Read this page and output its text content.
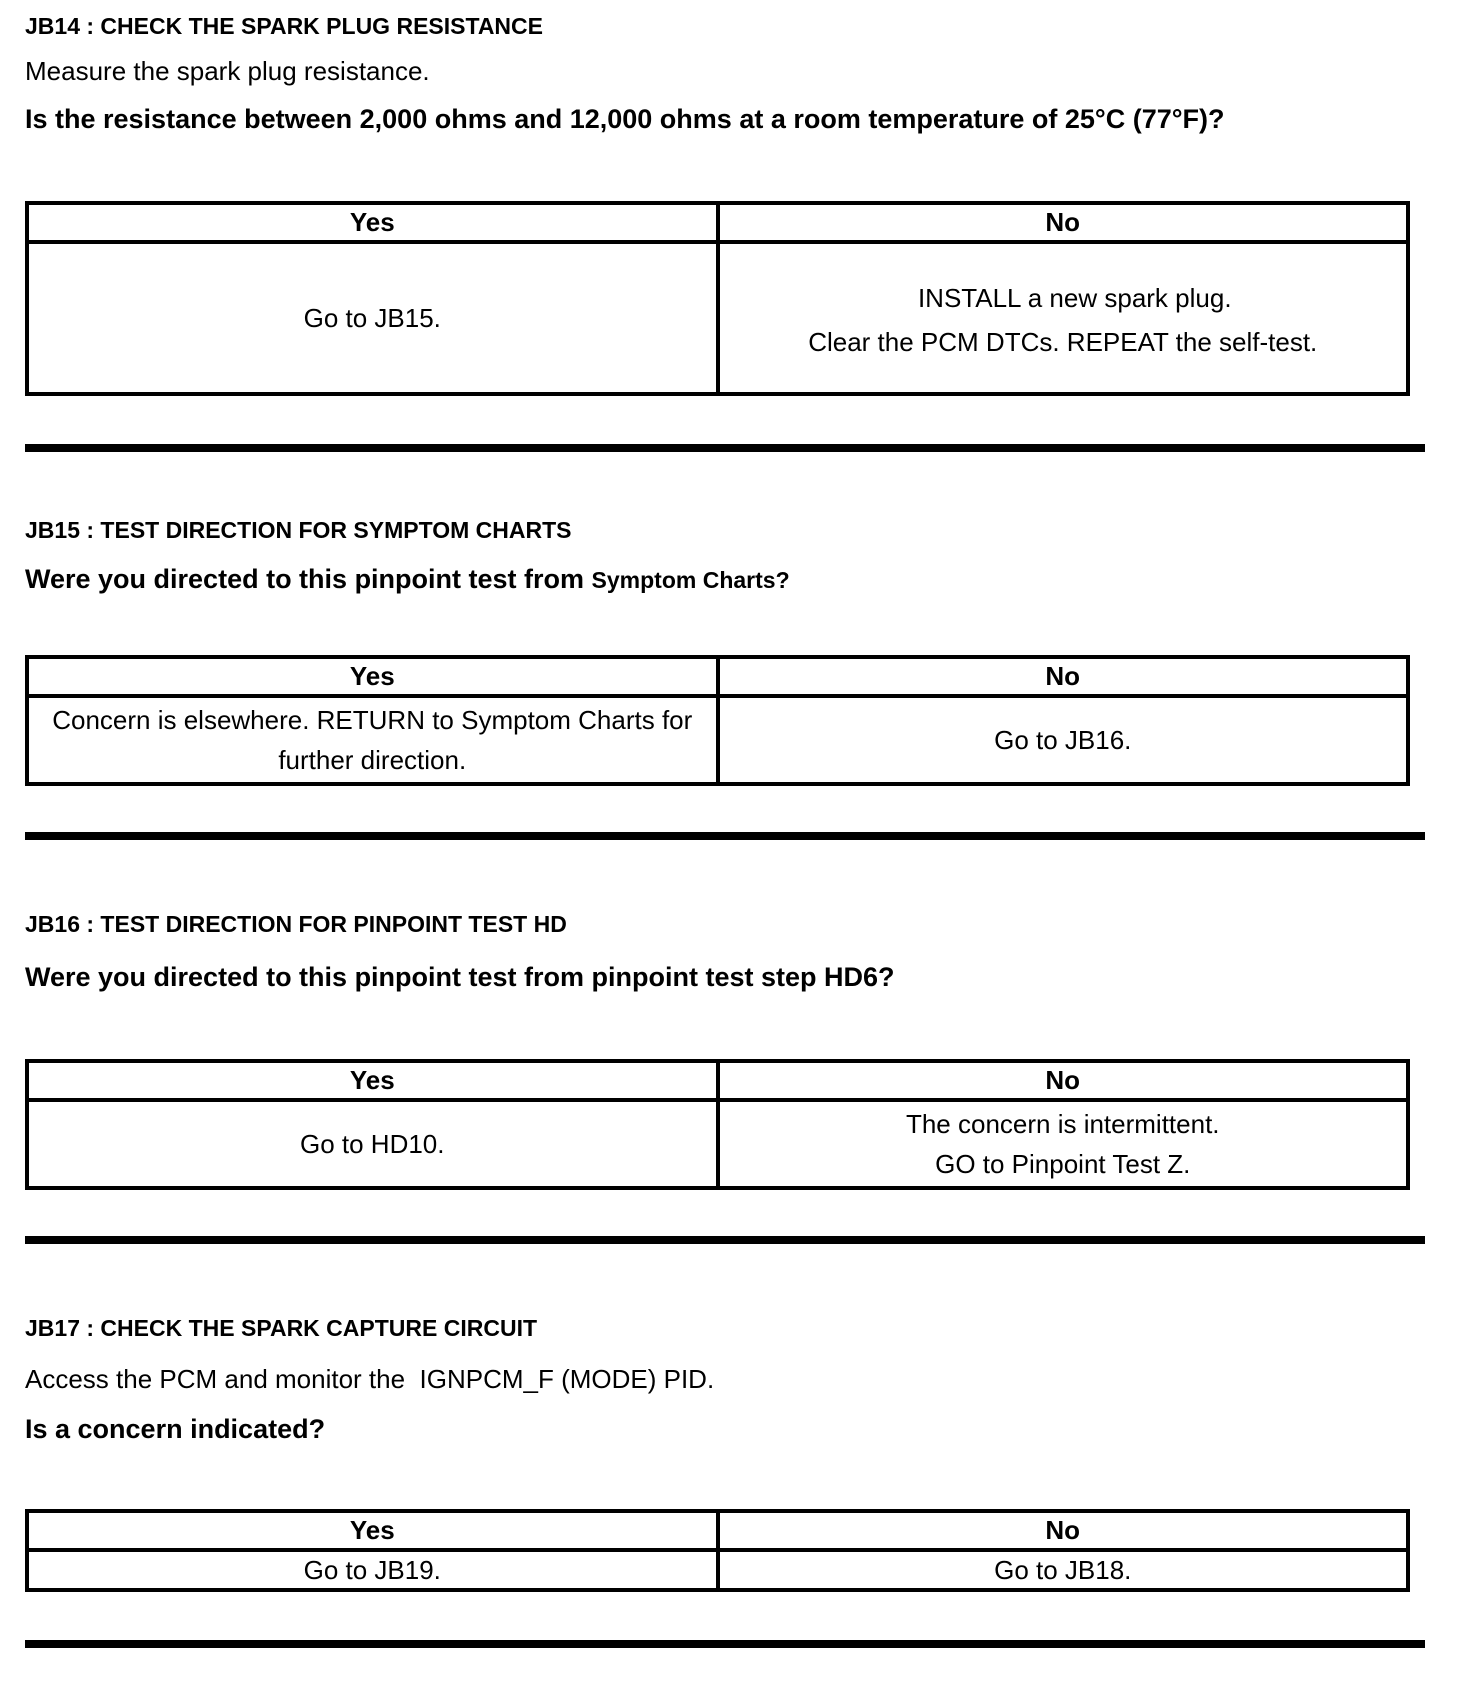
JB14 : CHECK THE SPARK PLUG RESISTANCE

Measure the spark plug resistance.

Is the resistance between 2,000 ohms and 12,000 ohms at a room temperature of 25°C (77°F)?

Yes	No
Go to JB15.	INSTALL a new spark plug.
Clear the PCM DTCs. REPEAT the self-test.
JB15 : TEST DIRECTION FOR SYMPTOM CHARTS

Were you directed to this pinpoint test from Symptom Charts?

Yes	No
Concern is elsewhere. RETURN to Symptom Charts for further direction.	Go to JB16.
JB16 : TEST DIRECTION FOR PINPOINT TEST HD

Were you directed to this pinpoint test from pinpoint test step HD6?

Yes	No
Go to HD10.	The concern is intermittent.
GO to Pinpoint Test Z.
JB17 : CHECK THE SPARK CAPTURE CIRCUIT

Access the PCM and monitor the  IGNPCM_F (MODE) PID.

Is a concern indicated?

Yes	No
Go to JB19.	Go to JB18.
